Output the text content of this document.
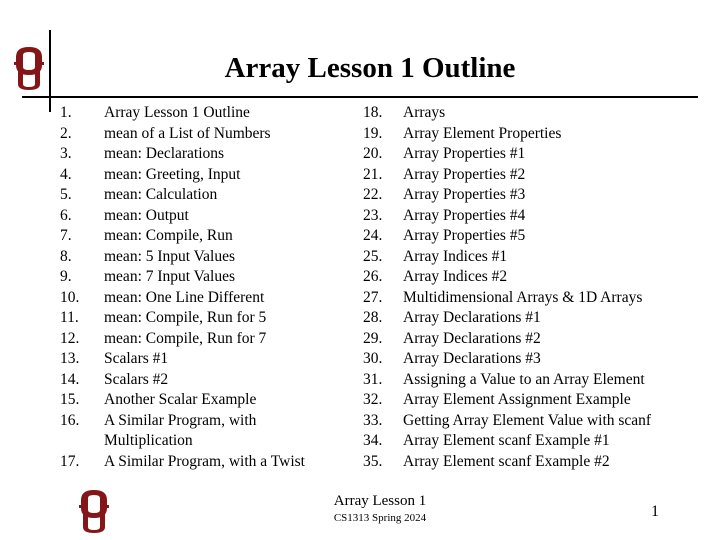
Array Lesson 1 Outline
1. Array Lesson 1 Outline
2. mean of a List of Numbers
3. mean: Declarations
4. mean: Greeting, Input
5. mean: Calculation
6. mean: Output
7. mean: Compile, Run
8. mean: 5 Input Values
9. mean: 7 Input Values
10. mean: One Line Different
11. mean: Compile, Run for 5
12. mean: Compile, Run for 7
13. Scalars #1
14. Scalars #2
15. Another Scalar Example
16. A Similar Program, with Multiplication
17. A Similar Program, with a Twist
18. Arrays
19. Array Element Properties
20. Array Properties #1
21. Array Properties #2
22. Array Properties #3
23. Array Properties #4
24. Array Properties #5
25. Array Indices #1
26. Array Indices #2
27. Multidimensional Arrays & 1D Arrays
28. Array Declarations #1
29. Array Declarations #2
30. Array Declarations #3
31. Assigning a Value to an Array Element
32. Array Element Assignment Example
33. Getting Array Element Value with scanf
34. Array Element scanf Example #1
35. Array Element scanf Example #2
Array Lesson 1
CS1313 Spring 2024	1
